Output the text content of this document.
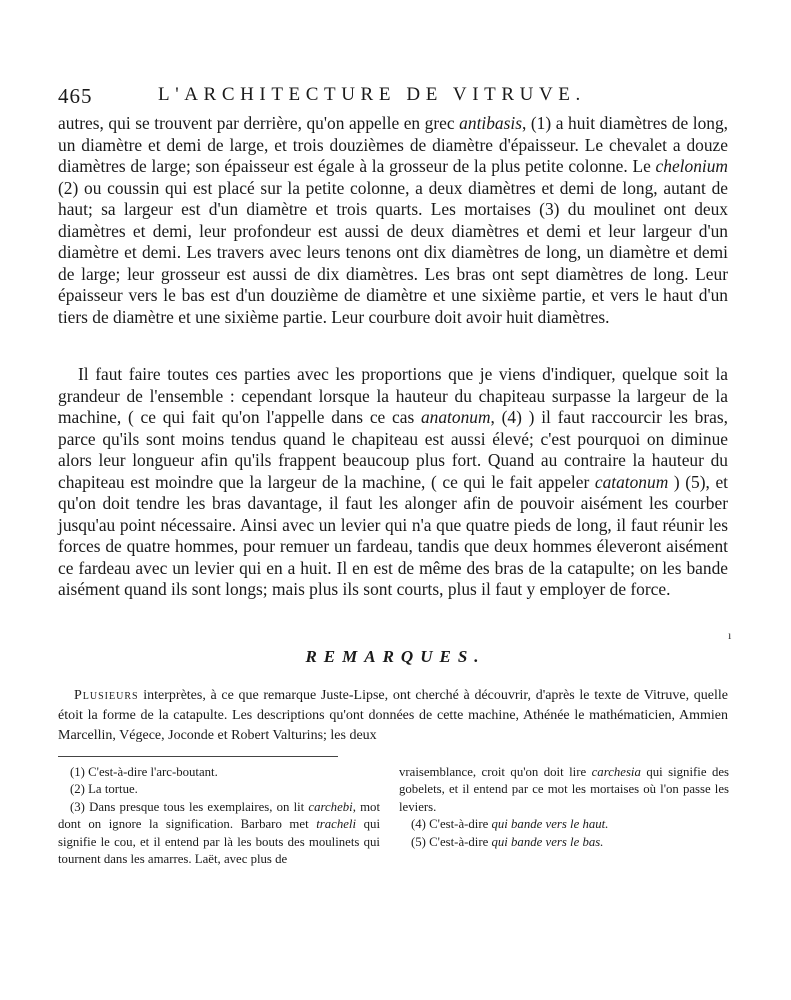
465	L'ARCHITECTURE DE VITRUVE.

autres, qui se trouvent par derrière, qu'on appelle en grec antibasis, (1) a huit diamètres de long, un diamètre et demi de large, et trois douzièmes de diamètre d'épaisseur. Le chevalet a douze diamètres de large; son épaisseur est égale à la grosseur de la plus petite colonne. Le chelonium (2) ou coussin qui est placé sur la petite colonne, a deux diamètres et demi de long, autant de haut; sa largeur est d'un diamètre et trois quarts. Les mortaises (3) du moulinet ont deux diamètres et demi, leur profondeur est aussi de deux diamètres et demi et leur largeur d'un diamètre et demi. Les travers avec leurs tenons ont dix diamètres de long, un diamètre et demi de large; leur grosseur est aussi de dix diamètres. Les bras ont sept diamètres de long. Leur épaisseur vers le bas est d'un douzième de diamètre et une sixième partie, et vers le haut d'un tiers de diamètre et une sixième partie. Leur courbure doit avoir huit diamètres.

Il faut faire toutes ces parties avec les proportions que je viens d'indiquer, quelque soit la grandeur de l'ensemble : cependant lorsque la hauteur du chapiteau surpasse la largeur de la machine, ( ce qui fait qu'on l'appelle dans ce cas anatonum, (4) ) il faut raccourcir les bras, parce qu'ils sont moins tendus quand le chapiteau est aussi élevé; c'est pourquoi on diminue alors leur longueur afin qu'ils frappent beaucoup plus fort. Quand au contraire la hauteur du chapiteau est moindre que la largeur de la machine, ( ce qui le fait appeler catatonum ) (5), et qu'on doit tendre les bras davantage, il faut les alonger afin de pouvoir aisément les courber jusqu'au point nécessaire. Ainsi avec un levier qui n'a que quatre pieds de long, il faut réunir les forces de quatre hommes, pour remuer un fardeau, tandis que deux hommes éleveront aisément ce fardeau avec un levier qui en a huit. Il en est de même des bras de la catapulte; on les bande aisément quand ils sont longs; mais plus ils sont courts, plus il faut y employer de force.

ı
REMARQUES.
Plusieurs interprètes, à ce que remarque Juste-Lipse, ont cherché à découvrir, d'après le texte de Vitruve, quelle étoit la forme de la catapulte. Les descriptions qu'ont données de cette machine, Athénée le mathématicien, Ammien Marcellin, Végece, Joconde et Robert Valturins; les deux

(1) C'est-à-dire l'arc-boutant.

(2) La tortue.

(3) Dans presque tous les exemplaires, on lit carchebi, mot dont on ignore la signification. Barbaro met tracheli qui signifie le cou, et il entend par là les bouts des moulinets qui tournent dans les amarres. Laët, avec plus de

vraisemblance, croit qu'on doit lire carchesia qui signifie des gobelets, et il entend par ce mot les mortaises où l'on passe les leviers.

(4) C'est-à-dire qui bande vers le haut.

(5) C'est-à-dire qui bande vers le bas.
